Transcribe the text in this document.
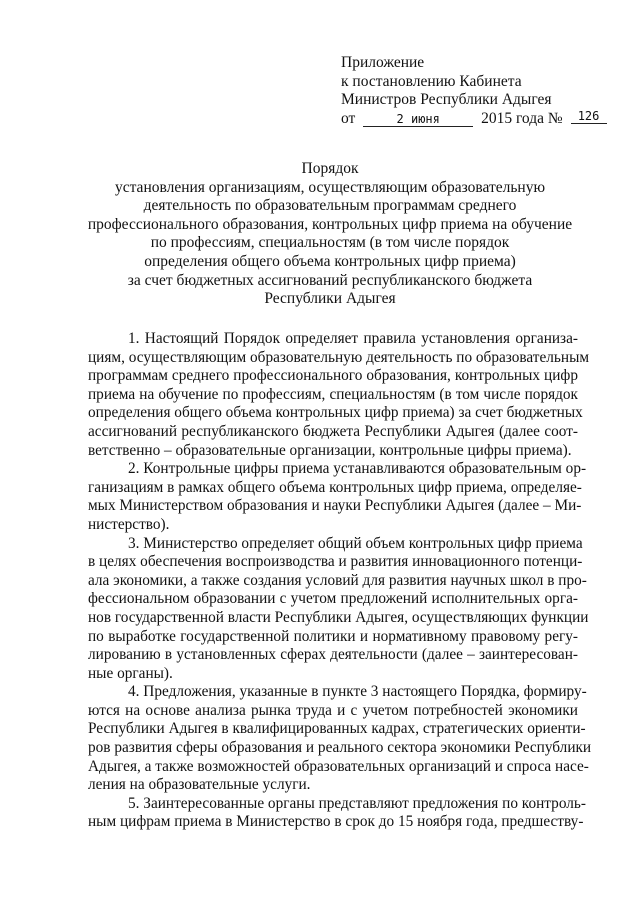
Приложение
к постановлению Кабинета
Министров Республики Адыгея
от	2 июня	2015 года № 126
Порядок
установления организациям, осуществляющим образовательную
деятельность по образовательным программам среднего
профессионального образования, контрольных цифр приема на обучение
по профессиям, специальностям (в том числе порядок
определения общего объема контрольных цифр приема)
за счет бюджетных ассигнований республиканского бюджета
Республики Адыгея
1. Настоящий Порядок определяет правила установления организа-
циям, осуществляющим образовательную деятельность по образовательным
программам среднего профессионального образования, контрольных цифр
приема на обучение по профессиям, специальностям (в том числе порядок
определения общего объема контрольных цифр приема) за счет бюджетных
ассигнований республиканского бюджета Республики Адыгея (далее соот-
ветственно – образовательные организации, контрольные цифры приема).
2. Контрольные цифры приема устанавливаются образовательным ор-
ганизациям в рамках общего объема контрольных цифр приема, определяе-
мых Министерством образования и науки Республики Адыгея (далее – Ми-
нистерство).
3. Министерство определяет общий объем контрольных цифр приема
в целях обеспечения воспроизводства и развития инновационного потенци-
ала экономики, а также создания условий для развития научных школ в про-
фессиональном образовании с учетом предложений исполнительных орга-
нов государственной власти Республики Адыгея, осуществляющих функции
по выработке государственной политики и нормативному правовому регу-
лированию в установленных сферах деятельности (далее – заинтересован-
ные органы).
4. Предложения, указанные в пункте 3 настоящего Порядка, формиру-
ются на основе анализа рынка труда и с учетом потребностей экономики
Республики Адыгея в квалифицированных кадрах, стратегических ориенти-
ров развития сферы образования и реального сектора экономики Республики
Адыгея, а также возможностей образовательных организаций и спроса насе-
ления на образовательные услуги.
5. Заинтересованные органы представляют предложения по контроль-
ным цифрам приема в Министерство в срок до 15 ноября года, предшеству-
